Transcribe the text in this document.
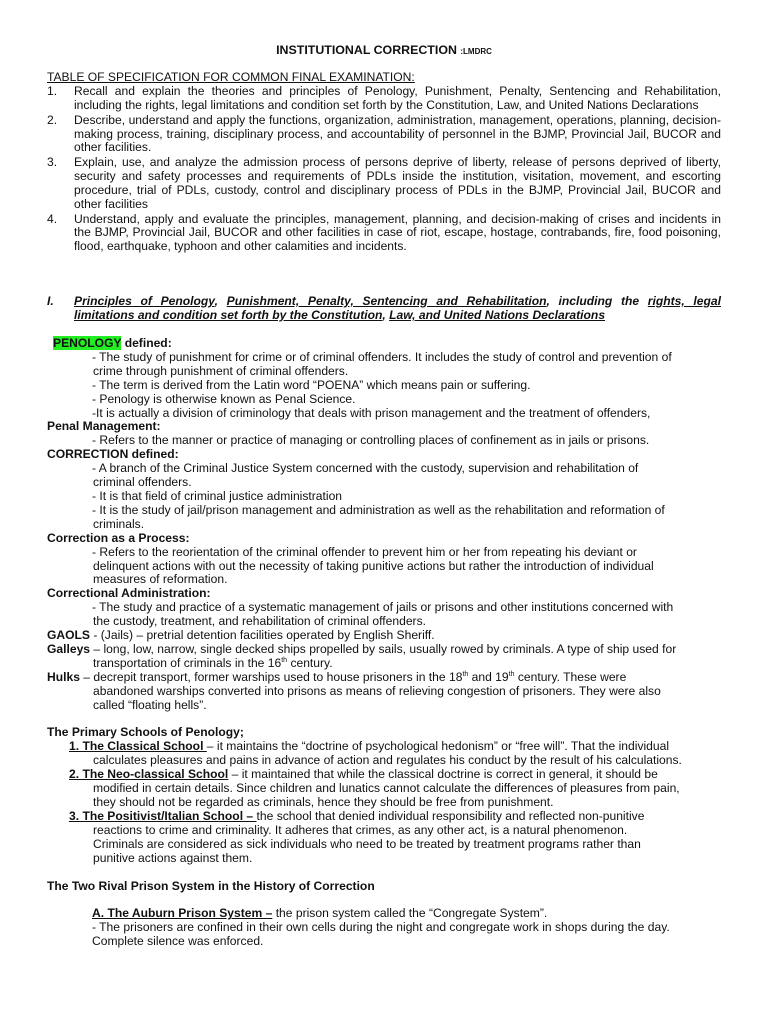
INSTITUTIONAL CORRECTION :LMDRC
TABLE OF SPECIFICATION FOR COMMON FINAL EXAMINATION:
1. Recall and explain the theories and principles of Penology, Punishment, Penalty, Sentencing and Rehabilitation, including the rights, legal limitations and condition set forth by the Constitution, Law, and United Nations Declarations
2. Describe, understand and apply the functions, organization, administration, management, operations, planning, decision-making process, training, disciplinary process, and accountability of personnel in the BJMP, Provincial Jail, BUCOR and other facilities.
3. Explain, use, and analyze the admission process of persons deprive of liberty, release of persons deprived of liberty, security and safety processes and requirements of PDLs inside the institution, visitation, movement, and escorting procedure, trial of PDLs, custody, control and disciplinary process of PDLs in the BJMP, Provincial Jail, BUCOR and other facilities
4. Understand, apply and evaluate the principles, management, planning, and decision-making of crises and incidents in the BJMP, Provincial Jail, BUCOR and other facilities in case of riot, escape, hostage, contrabands, fire, food poisoning, flood, earthquake, typhoon and other calamities and incidents.
I. Principles of Penology, Punishment, Penalty, Sentencing and Rehabilitation, including the rights, legal limitations and condition set forth by the Constitution, Law, and United Nations Declarations
PENOLOGY defined:
- The study of punishment for crime or of criminal offenders. It includes the study of control and prevention of
crime through punishment of criminal offenders.
- The term is derived from the Latin word “POENA” which means pain or suffering.
- Penology is otherwise known as Penal Science.
-It is actually a division of criminology that deals with prison management and the treatment of offenders,
Penal Management:
- Refers to the manner or practice of managing or controlling places of confinement as in jails or prisons.
CORRECTION defined:
- A branch of the Criminal Justice System concerned with the custody, supervision and rehabilitation of
criminal offenders.
- It is that field of criminal justice administration
- It is the study of jail/prison management and administration as well as the rehabilitation and reformation of
criminals.
Correction as a Process:
- Refers to the reorientation of the criminal offender to prevent him or her from repeating his deviant or
delinquent actions with out the necessity of taking punitive actions but rather the introduction of individual
measures of reformation.
Correctional Administration:
- The study and practice of a systematic management of jails or prisons and other institutions concerned with
the custody, treatment, and rehabilitation of criminal offenders.
GAOLS - (Jails) – pretrial detention facilities operated by English Sheriff.
Galleys – long, low, narrow, single decked ships propelled by sails, usually rowed by criminals. A type of ship used for
transportation of criminals in the 16th century.
Hulks – decrepit transport, former warships used to house prisoners in the 18th and 19th century. These were
abandoned warships converted into prisons as means of relieving congestion of prisoners. They were also
called “floating hells”.
The Primary Schools of Penology;
1. The Classical School – it maintains the “doctrine of psychological hedonism” or “free will”. That the individual
calculates pleasures and pains in advance of action and regulates his conduct by the result of his calculations.
2. The Neo-classical School – it maintained that while the classical doctrine is correct in general, it should be
modified in certain details. Since children and lunatics cannot calculate the differences of pleasures from pain,
they should not be regarded as criminals, hence they should be free from punishment.
3. The Positivist/Italian School – the school that denied individual responsibility and reflected non-punitive
reactions to crime and criminality. It adheres that crimes, as any other act, is a natural phenomenon.
Criminals are considered as sick individuals who need to be treated by treatment programs rather than
punitive actions against them.
The Two Rival Prison System in the History of Correction
A. The Auburn Prison System – the prison system called the “Congregate System”.
- The prisoners are confined in their own cells during the night and congregate work in shops during the day.
Complete silence was enforced.
